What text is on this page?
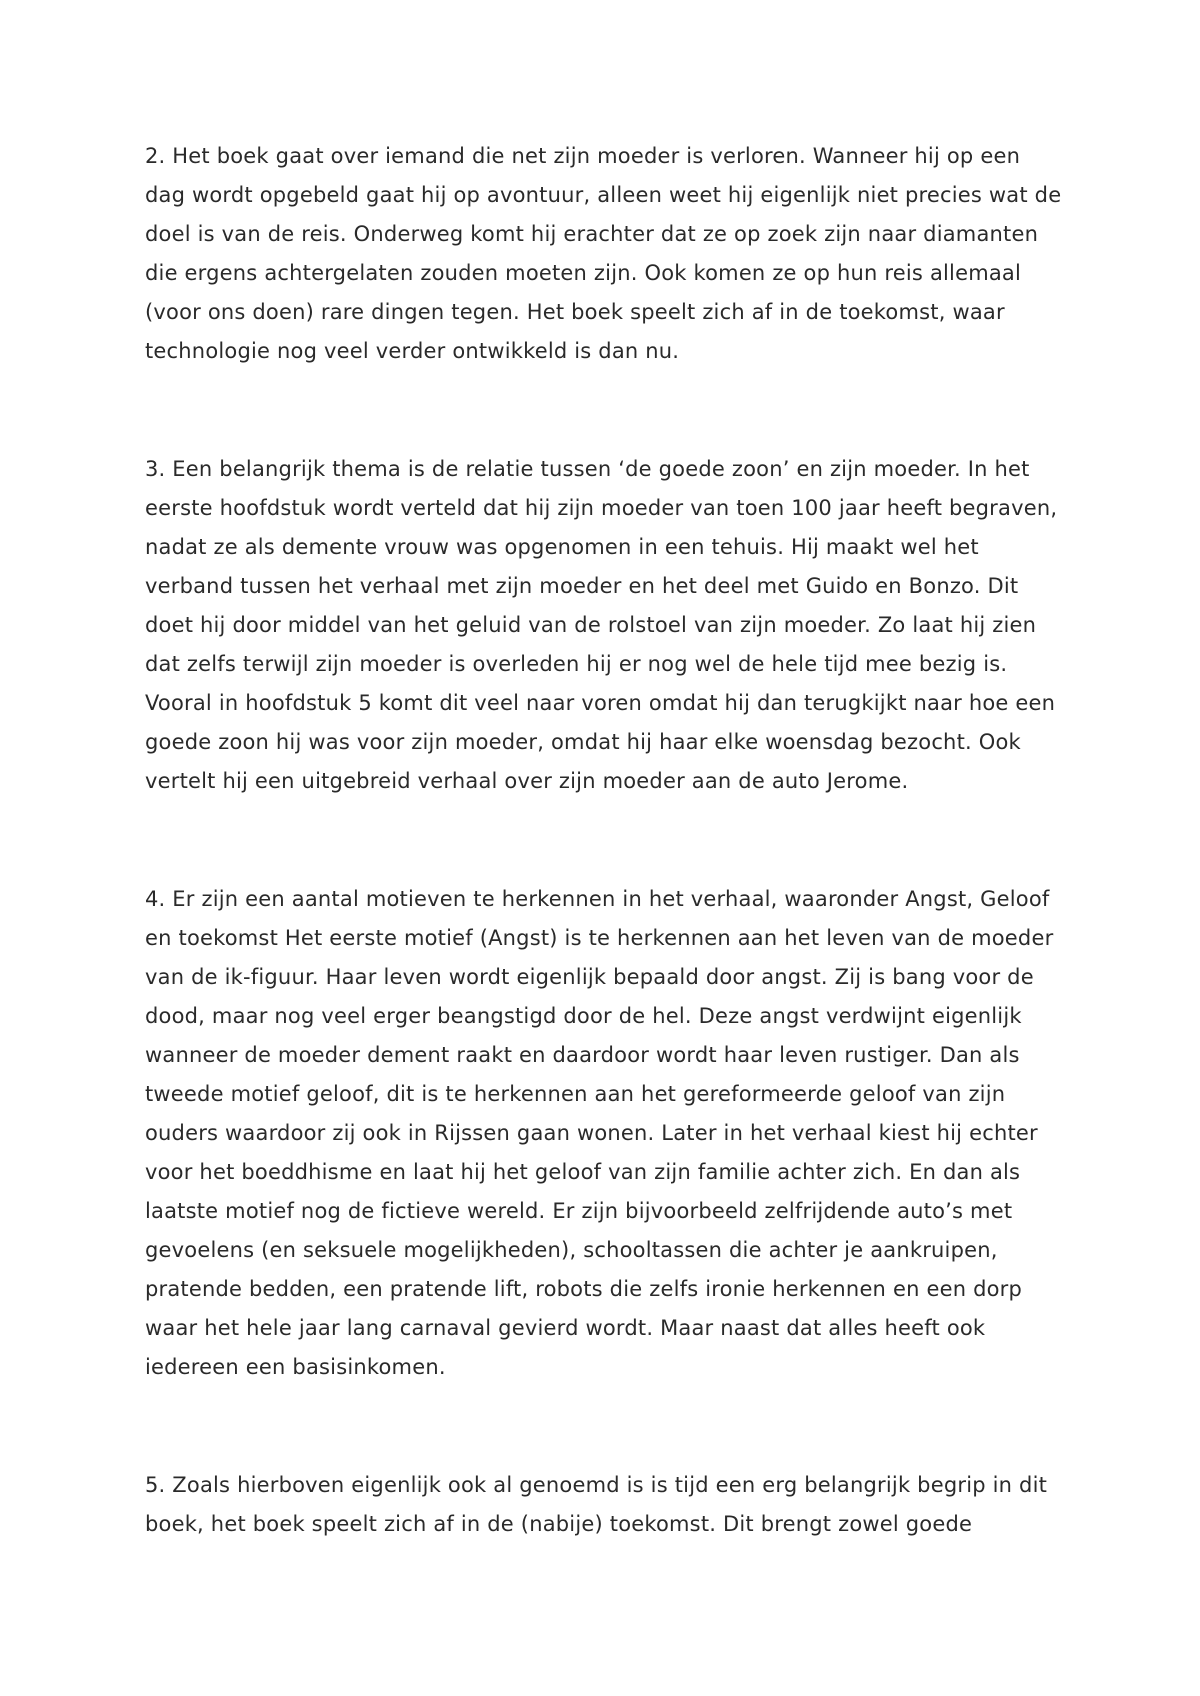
2. Het boek gaat over iemand die net zijn moeder is verloren. Wanneer hij op een dag wordt opgebeld gaat hij op avontuur, alleen weet hij eigenlijk niet precies wat de doel is van de reis. Onderweg komt hij erachter dat ze op zoek zijn naar diamanten die ergens achtergelaten zouden moeten zijn. Ook komen ze op hun reis allemaal (voor ons doen) rare dingen tegen. Het boek speelt zich af in de toekomst, waar technologie nog veel verder ontwikkeld is dan nu.

3. Een belangrijk thema is de relatie tussen ‘de goede zoon’ en zijn moeder. In het eerste hoofdstuk wordt verteld dat hij zijn moeder van toen 100 jaar heeft begraven, nadat ze als demente vrouw was opgenomen in een tehuis. Hij maakt wel het verband tussen het verhaal met zijn moeder en het deel met Guido en Bonzo. Dit doet hij door middel van het geluid van de rolstoel van zijn moeder. Zo laat hij zien dat zelfs terwijl zijn moeder is overleden hij er nog wel de hele tijd mee bezig is. Vooral in hoofdstuk 5 komt dit veel naar voren omdat hij dan terugkijkt naar hoe een goede zoon hij was voor zijn moeder, omdat hij haar elke woensdag bezocht. Ook vertelt hij een uitgebreid verhaal over zijn moeder aan de auto Jerome.

4. Er zijn een aantal motieven te herkennen in het verhaal, waaronder Angst, Geloof en toekomst Het eerste motief (Angst) is te herkennen aan het leven van de moeder van de ik-figuur. Haar leven wordt eigenlijk bepaald door angst. Zij is bang voor de dood, maar nog veel erger beangstigd door de hel. Deze angst verdwijnt eigenlijk wanneer de moeder dement raakt en daardoor wordt haar leven rustiger. Dan als tweede motief geloof, dit is te herkennen aan het gereformeerde geloof van zijn ouders waardoor zij ook in Rijssen gaan wonen. Later in het verhaal kiest hij echter voor het boeddhisme en laat hij het geloof van zijn familie achter zich. En dan als laatste motief nog de fictieve wereld. Er zijn bijvoorbeeld zelfrijdende auto’s met gevoelens (en seksuele mogelijkheden), schooltassen die achter je aankruipen, pratende bedden, een pratende lift, robots die zelfs ironie herkennen en een dorp waar het hele jaar lang carnaval gevierd wordt. Maar naast dat alles heeft ook iedereen een basisinkomen.

5. Zoals hierboven eigenlijk ook al genoemd is is tijd een erg belangrijk begrip in dit boek, het boek speelt zich af in de (nabije) toekomst. Dit brengt zowel goede
